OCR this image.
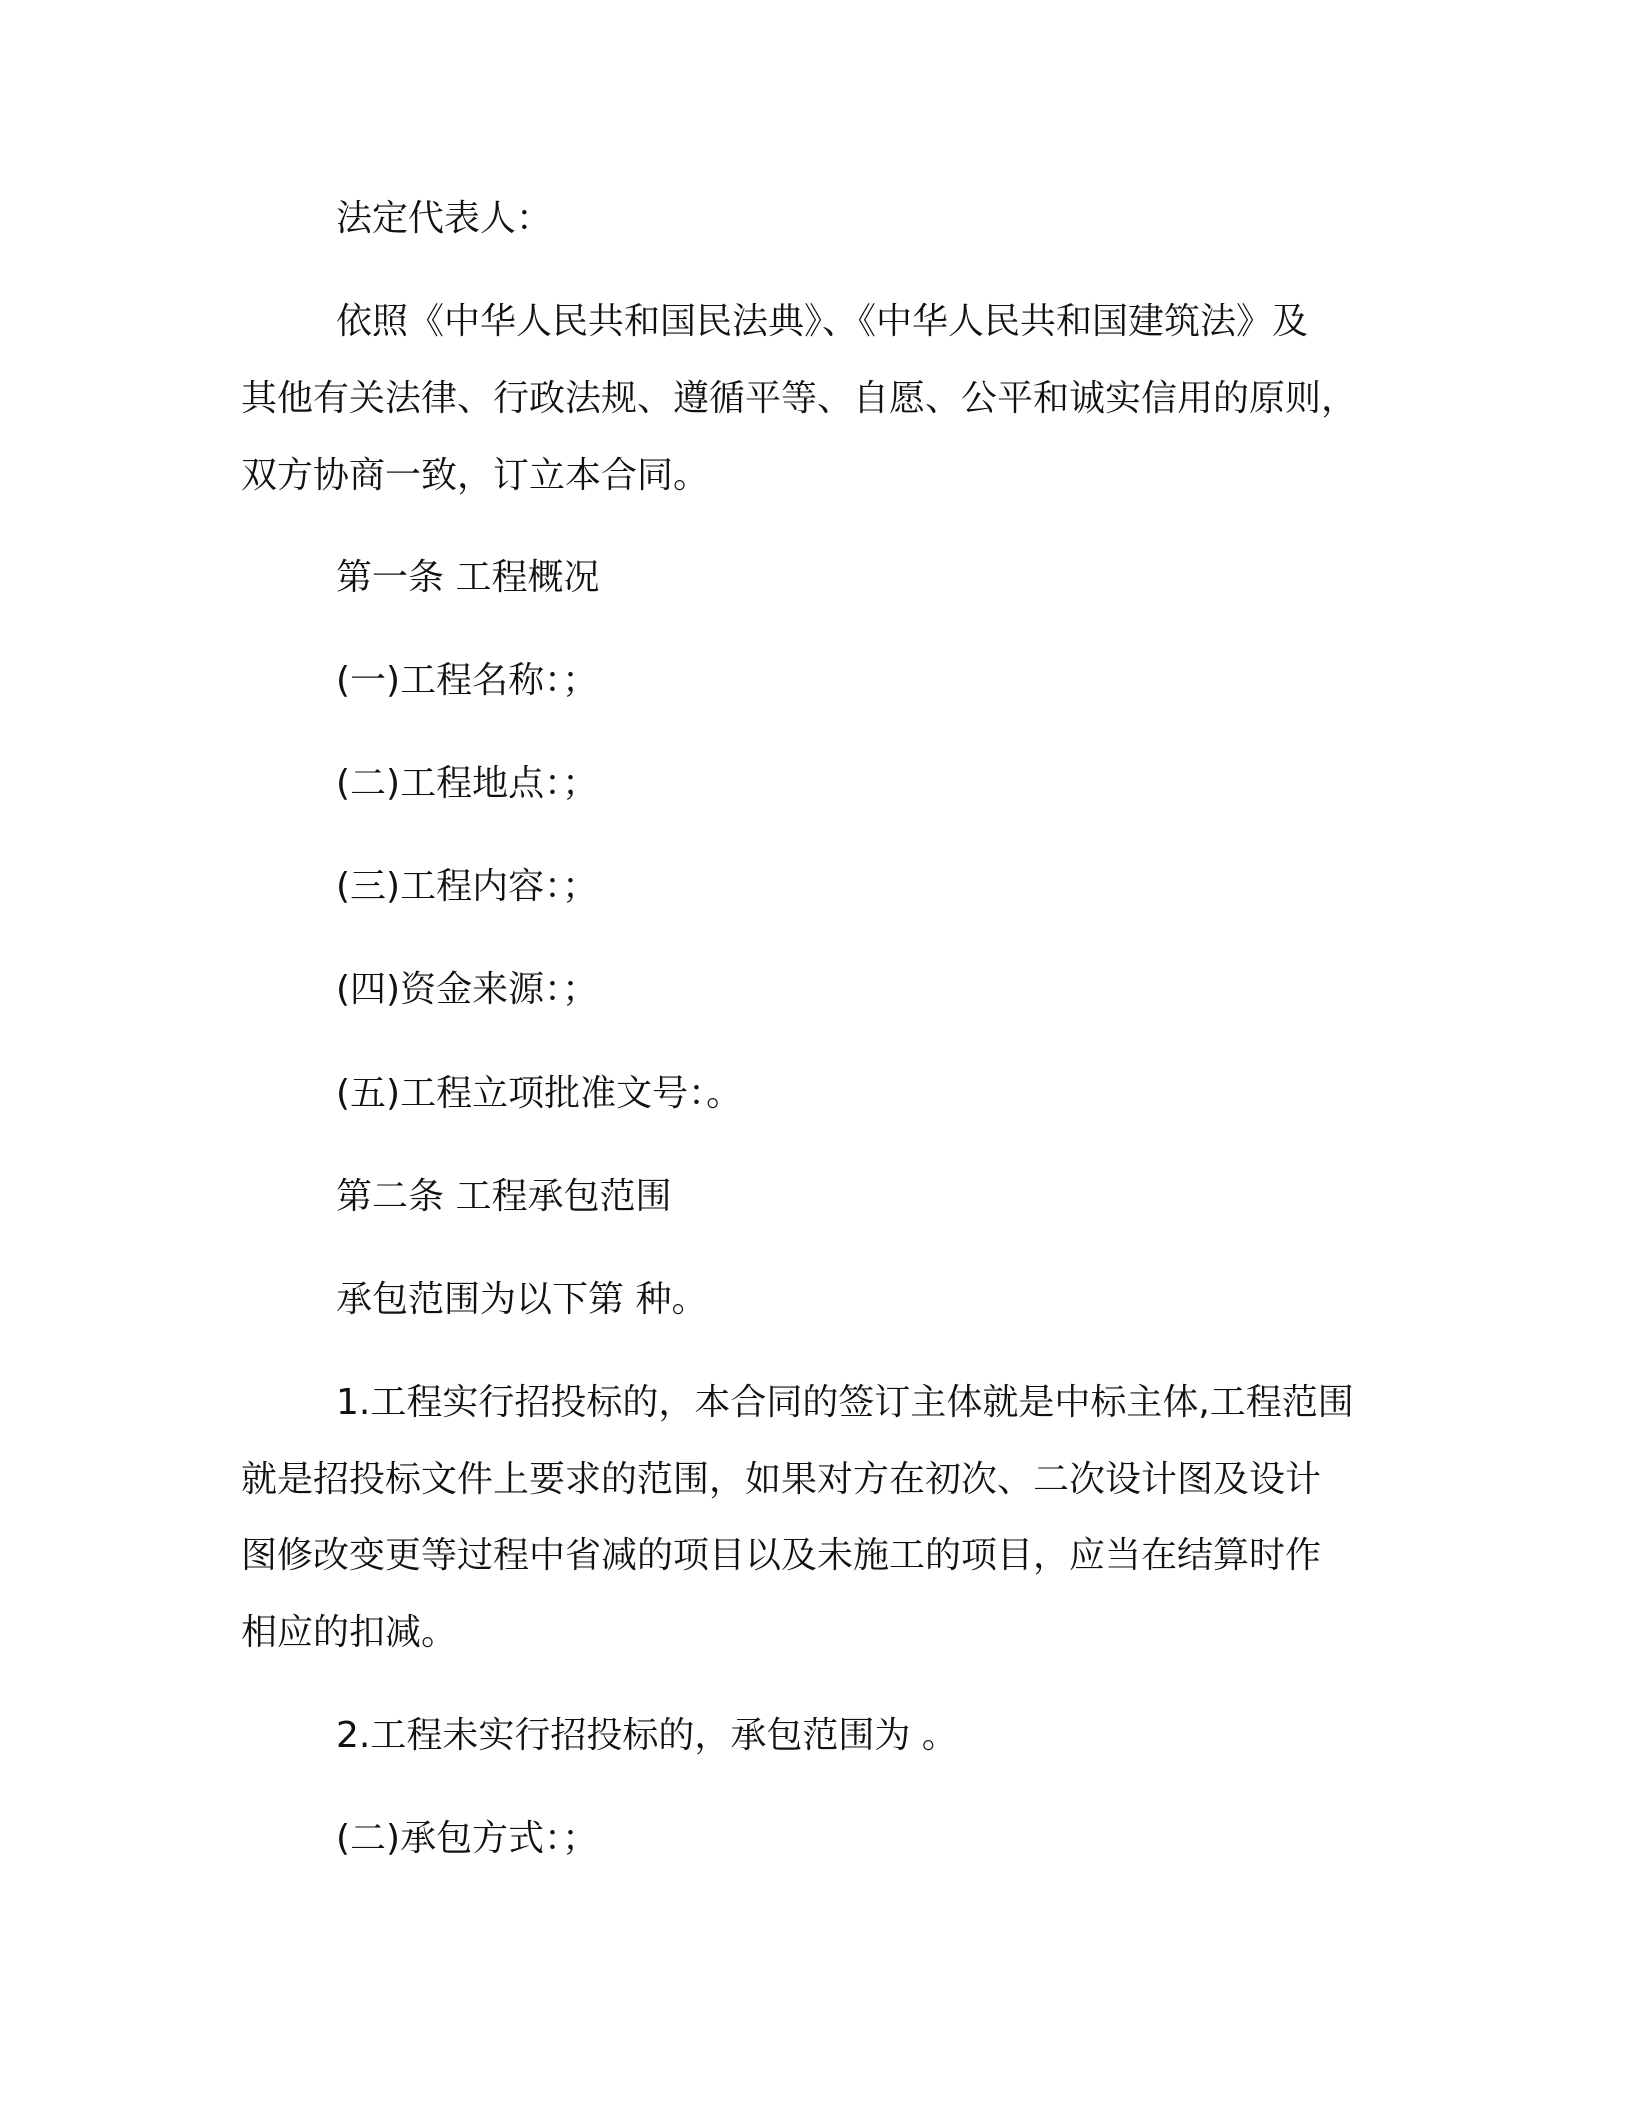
法定代表人：
依照《中华人民共和国民法典》、《中华人民共和国建筑法》及
其他有关法律、行政法规、遵循平等、自愿、公平和诚实信用的原则，
双方协商一致，订立本合同。
第一条 工程概况
(一)工程名称：；
(二)工程地点：；
(三)工程内容：；
(四)资金来源：；
(五)工程立项批准文号：。
第二条 工程承包范围
承包范围为以下第 种。
1.工程实行招投标的，本合同的签订主体就是中标主体,工程范围
就是招投标文件上要求的范围，如果对方在初次、二次设计图及设计
图修改变更等过程中省减的项目以及未施工的项目，应当在结算时作
相应的扣减。
2.工程未实行招投标的，承包范围为 。
(二)承包方式：；
